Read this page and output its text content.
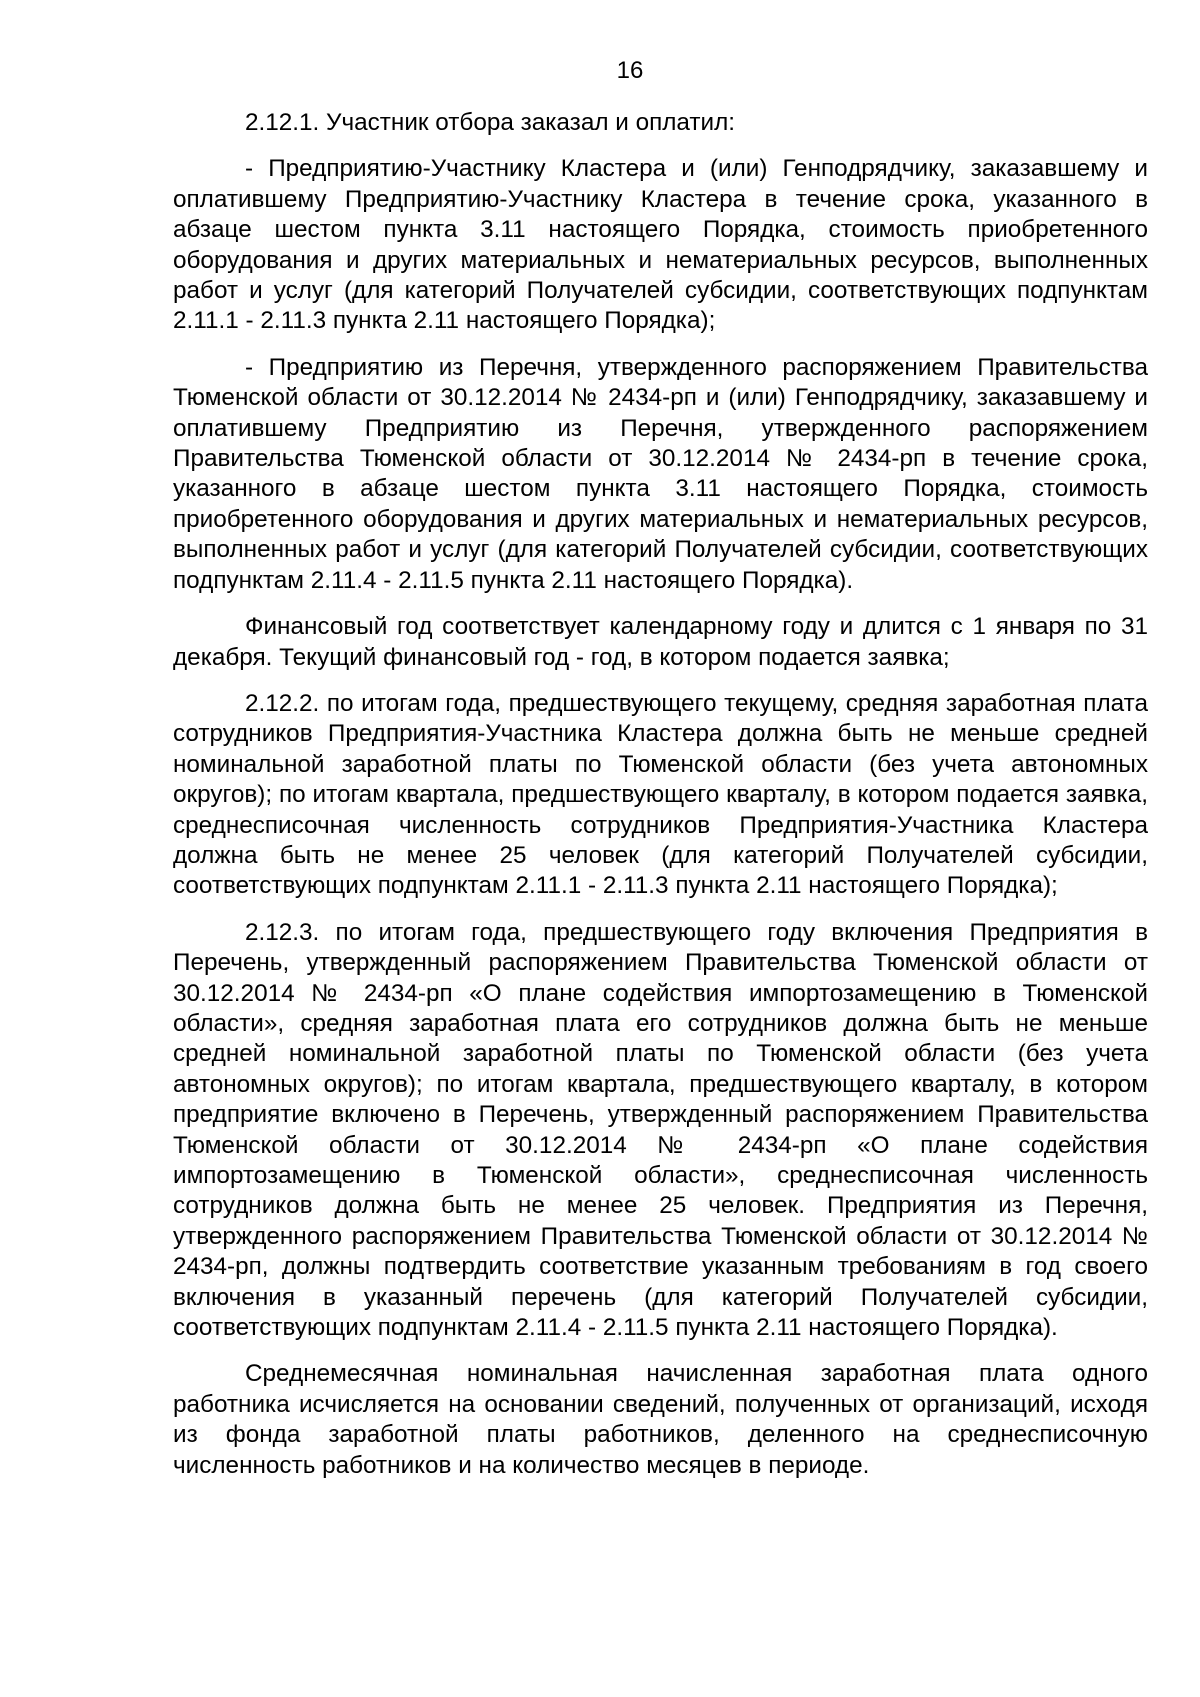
16

2.12.1. Участник отбора заказал и оплатил:

- Предприятию-Участнику Кластера и (или) Генподрядчику, заказавшему и оплатившему Предприятию-Участнику Кластера в течение срока, указанного в абзаце шестом пункта 3.11 настоящего Порядка, стоимость приобретенного оборудования и других материальных и нематериальных ресурсов, выполненных работ и услуг (для категорий Получателей субсидии, соответствующих подпунктам 2.11.1 - 2.11.3 пункта 2.11 настоящего Порядка);

- Предприятию из Перечня, утвержденного распоряжением Правительства Тюменской области от 30.12.2014 № 2434-рп и (или) Генподрядчику, заказавшему и оплатившему Предприятию из Перечня, утвержденного распоряжением Правительства Тюменской области от 30.12.2014 № 2434-рп в течение срока, указанного в абзаце шестом пункта 3.11 настоящего Порядка, стоимость приобретенного оборудования и других материальных и нематериальных ресурсов, выполненных работ и услуг (для категорий Получателей субсидии, соответствующих подпунктам 2.11.4 - 2.11.5 пункта 2.11 настоящего Порядка).

Финансовый год соответствует календарному году и длится с 1 января по 31 декабря. Текущий финансовый год - год, в котором подается заявка;

2.12.2. по итогам года, предшествующего текущему, средняя заработная плата сотрудников Предприятия-Участника Кластера должна быть не меньше средней номинальной заработной платы по Тюменской области (без учета автономных округов); по итогам квартала, предшествующего кварталу, в котором подается заявка, среднесписочная численность сотрудников Предприятия-Участника Кластера должна быть не менее 25 человек (для категорий Получателей субсидии, соответствующих подпунктам 2.11.1 - 2.11.3 пункта 2.11 настоящего Порядка);

2.12.3. по итогам года, предшествующего году включения Предприятия в Перечень, утвержденный распоряжением Правительства Тюменской области от 30.12.2014 № 2434-рп «О плане содействия импортозамещению в Тюменской области», средняя заработная плата его сотрудников должна быть не меньше средней номинальной заработной платы по Тюменской области (без учета автономных округов); по итогам квартала, предшествующего кварталу, в котором предприятие включено в Перечень, утвержденный распоряжением Правительства Тюменской области от 30.12.2014 № 2434-рп «О плане содействия импортозамещению в Тюменской области», среднесписочная численность сотрудников должна быть не менее 25 человек. Предприятия из Перечня, утвержденного распоряжением Правительства Тюменской области от 30.12.2014 № 2434-рп, должны подтвердить соответствие указанным требованиям в год своего включения в указанный перечень (для категорий Получателей субсидии, соответствующих подпунктам 2.11.4 - 2.11.5 пункта 2.11 настоящего Порядка).

Среднемесячная номинальная начисленная заработная плата одного работника исчисляется на основании сведений, полученных от организаций, исходя из фонда заработной платы работников, деленного на среднесписочную численность работников и на количество месяцев в периоде.
